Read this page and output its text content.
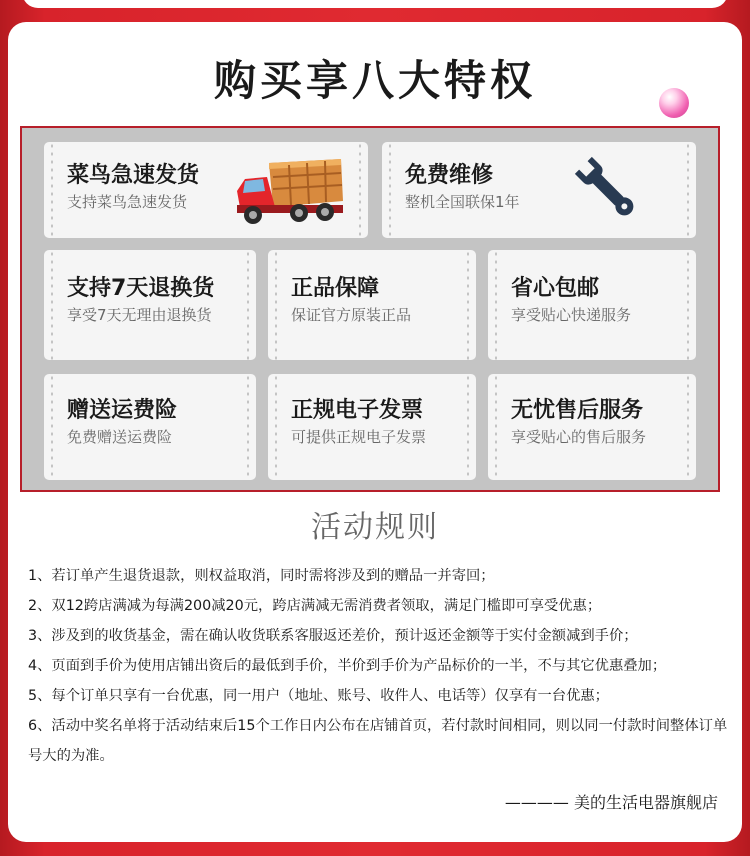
购买享八大特权
菜鸟急速发货
支持菜鸟急速发货
免费维修
整机全国联保1年
支持7天退换货
享受7天无理由退换货
正品保障
保证官方原装正品
省心包邮
享受贴心快递服务
赠送运费险
免费赠送运费险
正规电子发票
可提供正规电子发票
无忧售后服务
享受贴心的售后服务
活动规则
1、若订单产生退货退款，则权益取消，同时需将涉及到的赠品一并寄回；
2、双12跨店满减为每满200减20元，跨店满减无需消费者领取，满足门槛即可享受优惠；
3、涉及到的收货基金，需在确认收货联系客服返还差价，预计返还金额等于实付金额减到手价；
4、页面到手价为使用店铺出资后的最低到手价，半价到手价为产品标价的一半，不与其它优惠叠加；
5、每个订单只享有一台优惠，同一用户（地址、账号、收件人、电话等）仅享有一台优惠；
6、活动中奖名单将于活动结束后15个工作日内公布在店铺首页，若付款时间相同，则以同一付款时间整体订单号大的为准。
———— 美的生活电器旗舰店
